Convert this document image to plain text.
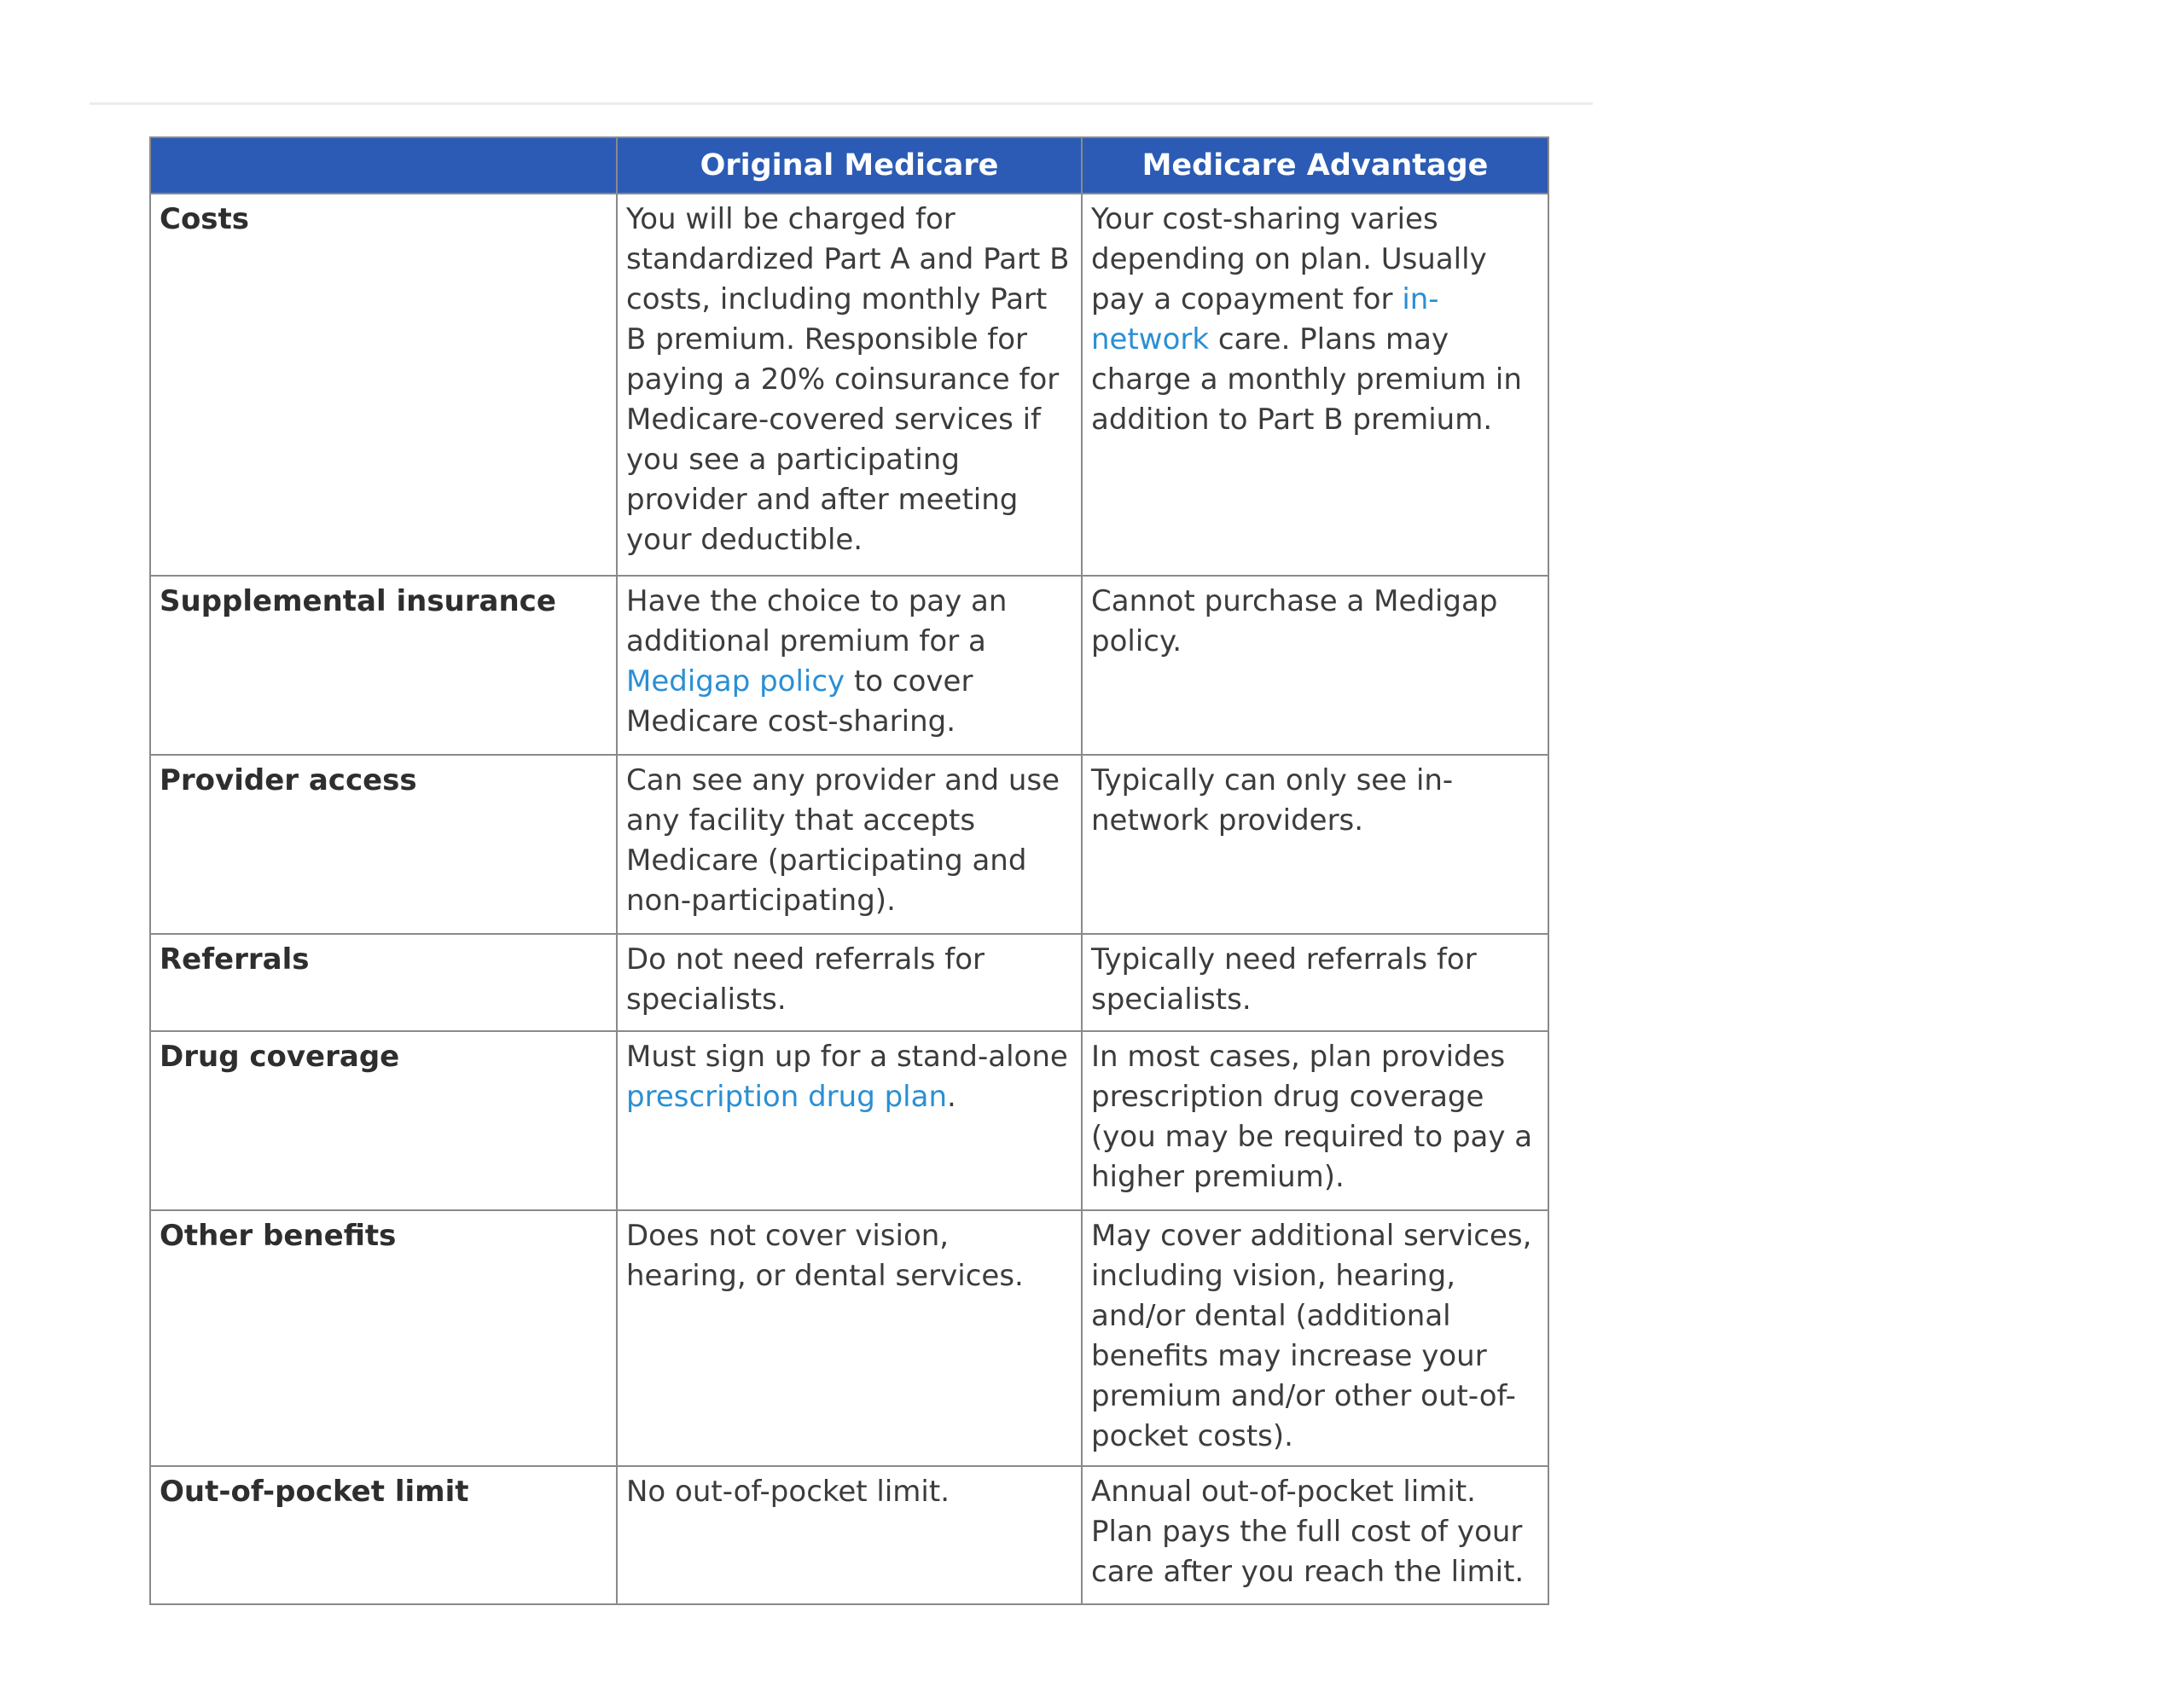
	Original Medicare	Medicare Advantage
Costs	You will be charged for standardized Part A and Part B costs, including monthly Part B premium. Responsible for paying a 20% coinsurance for Medicare-covered services if you see a participating provider and after meeting your deductible.	Your cost-sharing varies depending on plan. Usually pay a copayment for in-network care. Plans may charge a monthly premium in addition to Part B premium.
Supplemental insurance	Have the choice to pay an additional premium for a Medigap policy to cover Medicare cost-sharing.	Cannot purchase a Medigap policy.
Provider access	Can see any provider and use any facility that accepts Medicare (participating and non-participating).	Typically can only see in-network providers.
Referrals	Do not need referrals for specialists.	Typically need referrals for specialists.
Drug coverage	Must sign up for a stand-alone prescription drug plan.	In most cases, plan provides prescription drug coverage (you may be required to pay a higher premium).
Other benefits	Does not cover vision, hearing, or dental services.	May cover additional services, including vision, hearing, and/or dental (additional benefits may increase your premium and/or other out-of-pocket costs).
Out-of-pocket limit	No out-of-pocket limit.	Annual out-of-pocket limit. Plan pays the full cost of your care after you reach the limit.
